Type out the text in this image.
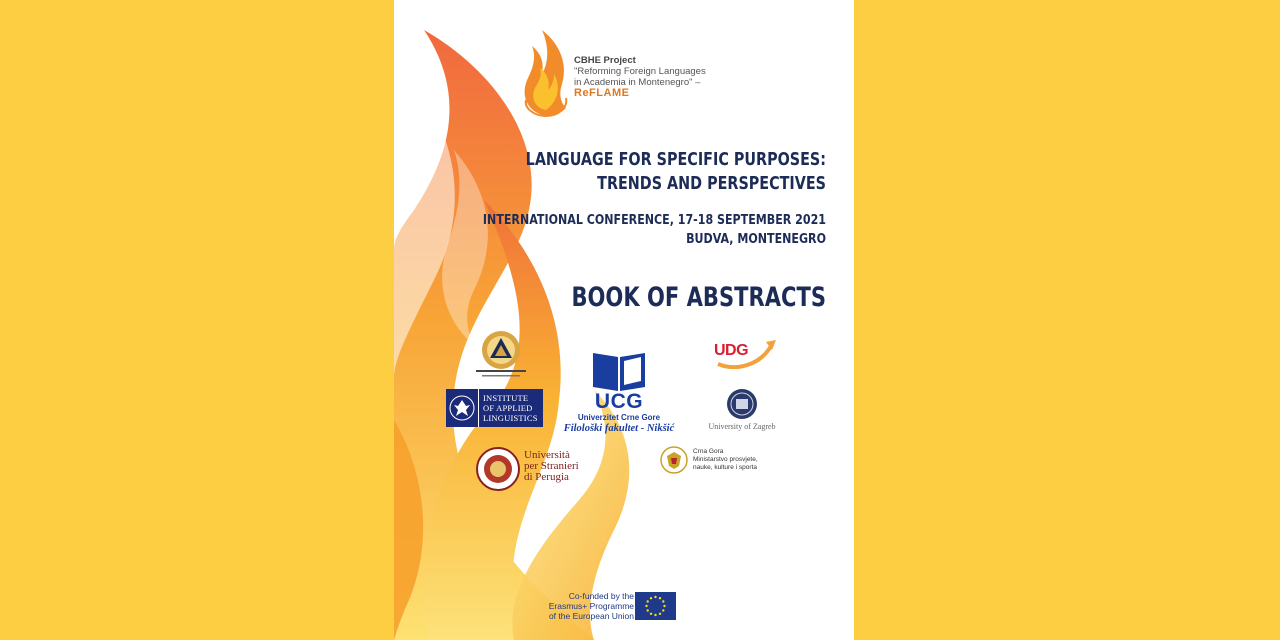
CBHE Project
"Reforming Foreign Languages
in Academia in Montenegro" –
ReFLAME

LANGUAGE FOR SPECIFIC PURPOSES:
TRENDS AND PERSPECTIVES
INTERNATIONAL CONFERENCE, 17-18 SEPTEMBER 2021
BUDVA, MONTENEGRO
BOOK OF ABSTRACTS
INSTITUTE
OF APPLIED
LINGUISTICS
Università
per Stranieri
di Perugia
UCG
Univerzitet Crne Gore
Filološki fakultet - Nikšić
UDG
University of Zagreb
Crna Gora
Ministarstvo prosvjete,
nauke, kulture i sporta
Co-funded by the
Erasmus+ Programme
of the European Union
